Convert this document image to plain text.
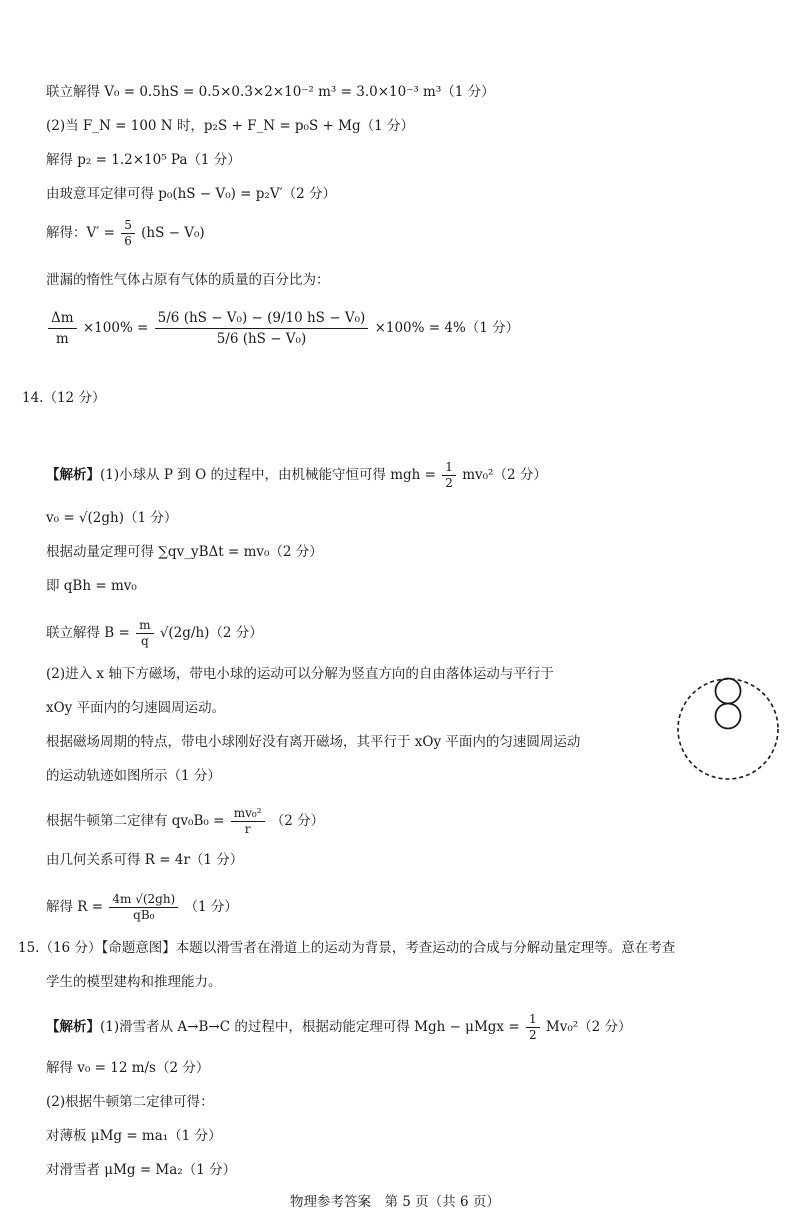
联立解得 V₀ = 0.5hS = 0.5×0.3×2×10⁻² m³ = 3.0×10⁻³ m³（1 分）
(2)当 F_N = 100 N 时，p₂S + F_N = p₀S + Mg（1 分）
解得 p₂ = 1.2×10⁵ Pa（1 分）
由玻意耳定律可得 p₀(hS − V₀) = p₂V′（2 分）
解得：$V' = \frac{5}{6} (hS - V_0)$
泄漏的惰性气体占原有气体的质量的百分比为：
$\frac{\Delta m}{m} \times 100\% = \frac{\text{5/6 (hS − V₀) − (9/10 hS − V₀)}}{\text{5/6 (hS − V₀)}} \times 100\% = 4\%(1$ 分）
14.（12 分）
【解析】(1)小球从 P 到 O 的过程中，由机械能守恒可得 mgh = $\frac{1}{2} mv_0^2(2$ 分）
v₀ = √(2gh)（1 分）
根据动量定理可得 ∑qv_yBΔt = mv₀（2 分）
即 qBh = mv₀
联立解得 $B = \frac{m}{q} √(2g/h)(2$ 分）
(2)进入 x 轴下方磁场，带电小球的运动可以分解为竖直方向的自由落体运动与平行于
xOy 平面内的匀速圆周运动。
根据磁场周期的特点，带电小球刚好没有离开磁场，其平行于 xOy 平面内的匀速圆周运动
的运动轨迹如图所示（1 分）
根据牛顿第二定律有 $qv_0B_0 = \frac{\text{mv₀²}}{r} (2$ 分）
由几何关系可得 R = 4r（1 分）
解得 $R = \frac{4m √(2gh)}{\text{qB₀}} (1$ 分）
15.（16 分）【命题意图】本题以滑雪者在滑道上的运动为背景，考查运动的合成与分解动量定理等。意在考查
学生的模型建构和推理能力。
【解析】(1)滑雪者从 A→B→C 的过程中，根据动能定理可得 Mgh − $\mu Mgx = \frac{1}{2} Mv_0^2(2$ 分）
解得 v₀ = 12 m/s（2 分）
(2)根据牛顿第二定律可得：
对薄板 μMg = ma₁（1 分）
对滑雪者 μMg = Ma₂（1 分）
物理参考答案　第 5 页（共 6 页）
